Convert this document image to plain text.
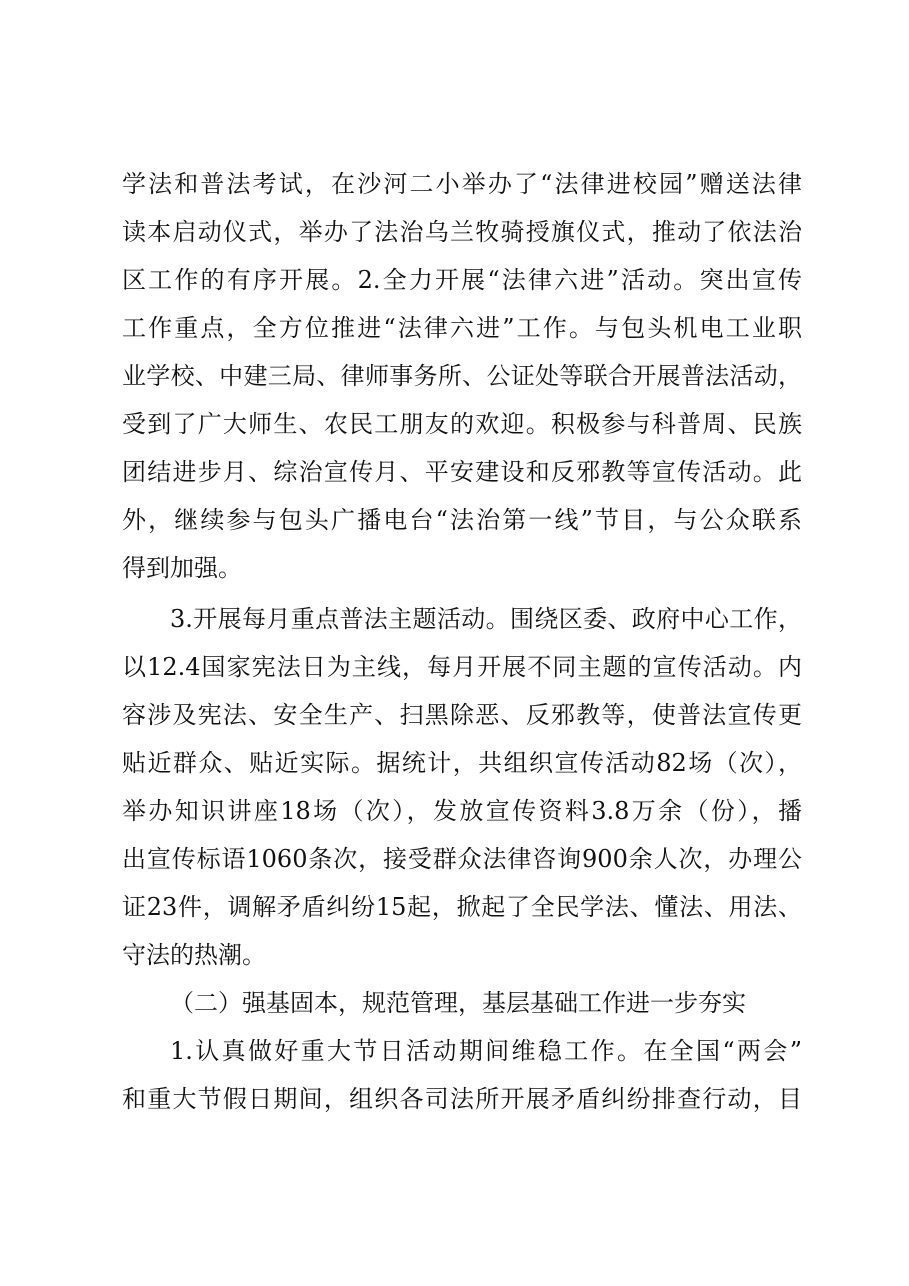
学法和普法考试，在沙河二小举办了“法律进校园”赠送法律
读本启动仪式，举办了法治乌兰牧骑授旗仪式，推动了依法治
区工作的有序开展。2.全力开展“法律六进”活动。突出宣传
工作重点，全方位推进“法律六进”工作。与包头机电工业职
业学校、中建三局、律师事务所、公证处等联合开展普法活动，
受到了广大师生、农民工朋友的欢迎。积极参与科普周、民族
团结进步月、综治宣传月、平安建设和反邪教等宣传活动。此
外，继续参与包头广播电台“法治第一线”节目，与公众联系
得到加强。
3.开展每月重点普法主题活动。围绕区委、政府中心工作，
以12.4国家宪法日为主线，每月开展不同主题的宣传活动。内
容涉及宪法、安全生产、扫黑除恶、反邪教等，使普法宣传更
贴近群众、贴近实际。据统计，共组织宣传活动82场（次），
举办知识讲座18场（次），发放宣传资料3.8万余（份），播
出宣传标语1060条次，接受群众法律咨询900余人次，办理公
证23件，调解矛盾纠纷15起，掀起了全民学法、懂法、用法、
守法的热潮。
（二）强基固本，规范管理，基层基础工作进一步夯实
1.认真做好重大节日活动期间维稳工作。在全国“两会”
和重大节假日期间，组织各司法所开展矛盾纠纷排查行动，目
